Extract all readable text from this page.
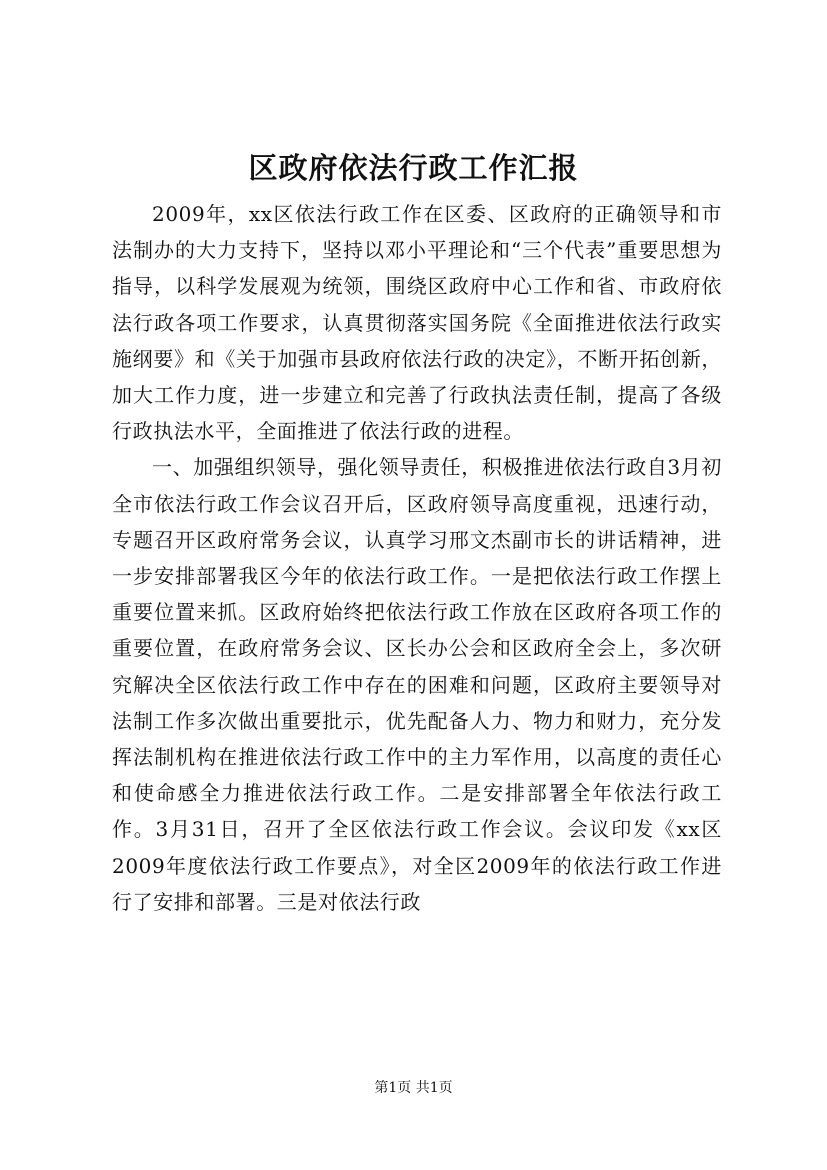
区政府依法行政工作汇报

2009年，xx区依法行政工作在区委、区政府的正确领导和市法制办的大力支持下，坚持以邓小平理论和“三个代表”重要思想为指导，以科学发展观为统领，围绕区政府中心工作和省、市政府依法行政各项工作要求，认真贯彻落实国务院《全面推进依法行政实施纲要》和《关于加强市县政府依法行政的决定》，不断开拓创新，加大工作力度，进一步建立和完善了行政执法责任制，提高了各级行政执法水平，全面推进了依法行政的进程。

一、加强组织领导，强化领导责任，积极推进依法行政自3月初全市依法行政工作会议召开后，区政府领导高度重视，迅速行动，专题召开区政府常务会议，认真学习邢文杰副市长的讲话精神，进一步安排部署我区今年的依法行政工作。一是把依法行政工作摆上重要位置来抓。区政府始终把依法行政工作放在区政府各项工作的重要位置，在政府常务会议、区长办公会和区政府全会上，多次研究解决全区依法行政工作中存在的困难和问题，区政府主要领导对法制工作多次做出重要批示，优先配备人力、物力和财力，充分发挥法制机构在推进依法行政工作中的主力军作用，以高度的责任心和使命感全力推进依法行政工作。二是安排部署全年依法行政工作。3月31日，召开了全区依法行政工作会议。会议印发《xx区2009年度依法行政工作要点》，对全区2009年的依法行政工作进行了安排和部署。三是对依法行政

第1页 共1页
